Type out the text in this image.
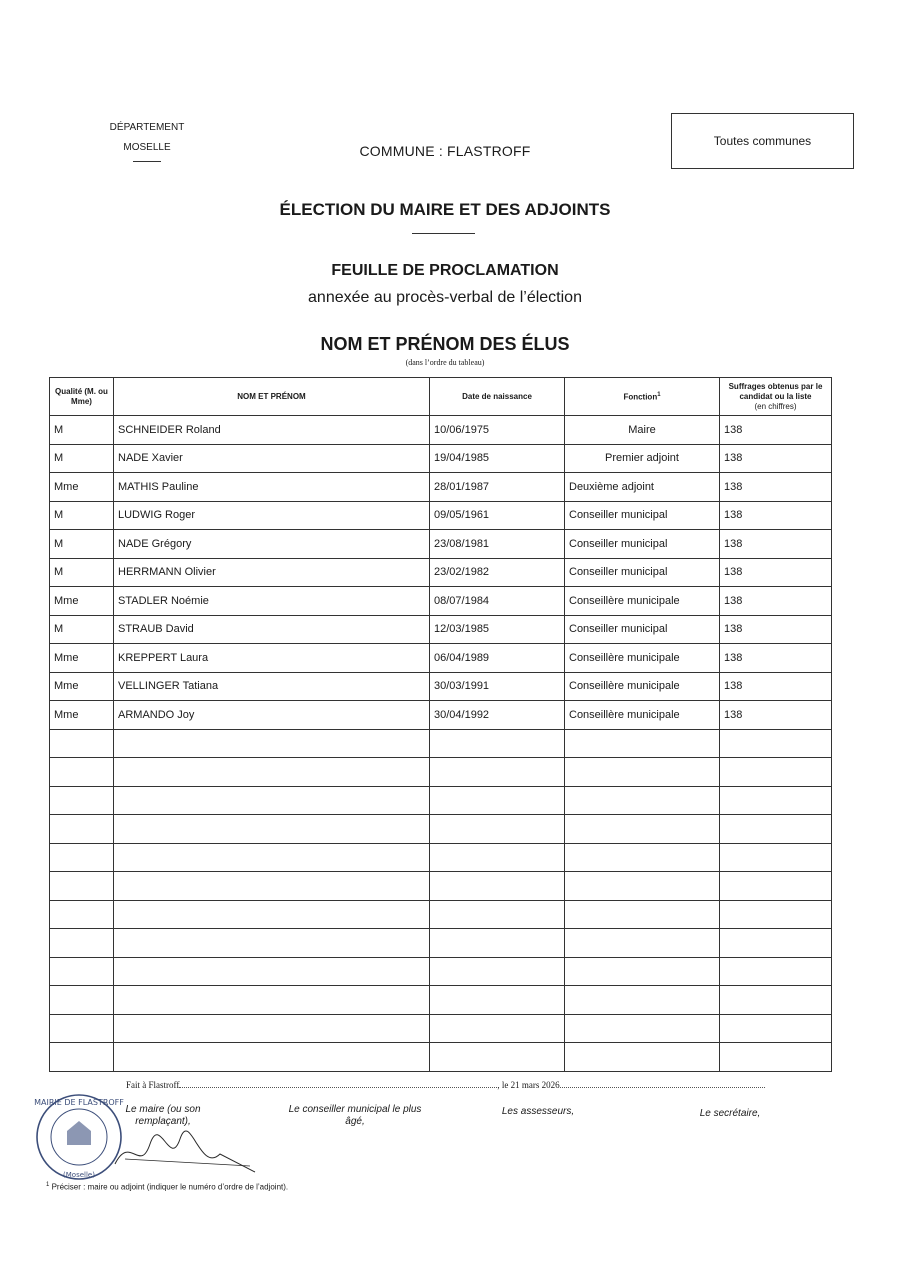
DÉPARTEMENT
MOSELLE	COMMUNE : FLASTROFF
Toutes communes
ÉLECTION DU MAIRE ET DES ADJOINTS
FEUILLE DE PROCLAMATION
annexée au procès-verbal de l’élection
NOM ET PRÉNOM DES ÉLUS
(dans l’ordre du tableau)
Qualité (M. ou Mme)	NOM ET PRÉNOM	Date de naissance	Fonction$^1$	Suffrages obtenus par le candidat ou la liste
(en chiffres)
M	SCHNEIDER Roland	10/06/1975	Maire	138
M	NADE Xavier	19/04/1985	Premier adjoint	138
Mme	MATHIS Pauline	28/01/1987	Deuxième adjoint	138
M	LUDWIG Roger	09/05/1961	Conseiller municipal	138
M	NADE Grégory	23/08/1981	Conseiller municipal	138
M	HERRMANN Olivier	23/02/1982	Conseiller municipal	138
Mme	STADLER Noémie	08/07/1984	Conseillère municipale	138
M	STRAUB David	12/03/1985	Conseiller municipal	138
Mme	KREPPERT Laura	06/04/1989	Conseillère municipale	138
Mme	VELLINGER Tatiana	30/03/1991	Conseillère municipale	138
Mme	ARMANDO Joy	30/04/1992	Conseillère municipale	138

Fait à Flastroff	, le 21 mars 2026
MAIRIE DE FLASTROFF
(Moselle)
Le maire (ou son remplaçant),
Le conseiller municipal le plus âgé,
Les assesseurs,	Le secrétaire,
$^1$ Préciser : maire ou adjoint (indiquer le numéro d’ordre de l’adjoint).
